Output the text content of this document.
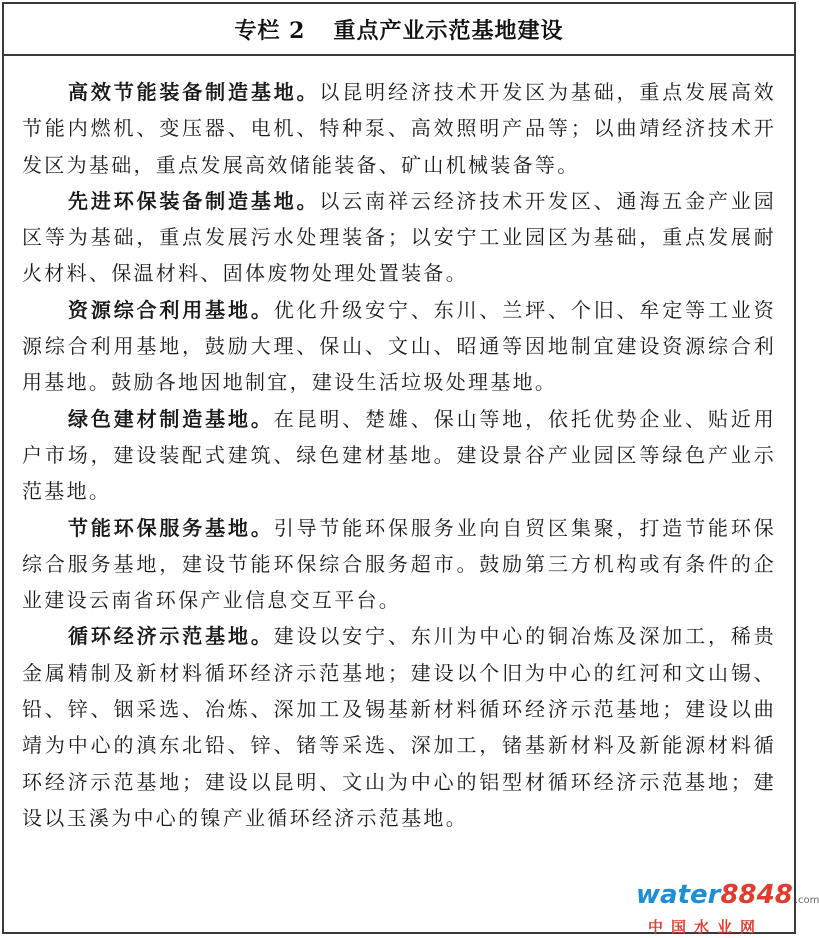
专栏 2 重点产业示范基地建设

高效节能装备制造基地。以昆明经济技术开发区为基础，重点发展高效节能内燃机、变压器、电机、特种泵、高效照明产品等；以曲靖经济技术开发区为基础，重点发展高效储能装备、矿山机械装备等。

先进环保装备制造基地。以云南祥云经济技术开发区、通海五金产业园区等为基础，重点发展污水处理装备；以安宁工业园区为基础，重点发展耐火材料、保温材料、固体废物处理处置装备。

资源综合利用基地。优化升级安宁、东川、兰坪、个旧、牟定等工业资源综合利用基地，鼓励大理、保山、文山、昭通等因地制宜建设资源综合利用基地。鼓励各地因地制宜，建设生活垃圾处理基地。

绿色建材制造基地。在昆明、楚雄、保山等地，依托优势企业、贴近用户市场，建设装配式建筑、绿色建材基地。建设景谷产业园区等绿色产业示范基地。

节能环保服务基地。引导节能环保服务业向自贸区集聚，打造节能环保综合服务基地，建设节能环保综合服务超市。鼓励第三方机构或有条件的企业建设云南省环保产业信息交互平台。

循环经济示范基地。建设以安宁、东川为中心的铜冶炼及深加工，稀贵金属精制及新材料循环经济示范基地；建设以个旧为中心的红河和文山锡、铅、锌、铟采选、冶炼、深加工及锡基新材料循环经济示范基地；建设以曲靖为中心的滇东北铅、锌、锗等采选、深加工，锗基新材料及新能源材料循环经济示范基地；建设以昆明、文山为中心的铝型材循环经济示范基地；建设以玉溪为中心的镍产业循环经济示范基地。

water8848 .com
中国水业网
